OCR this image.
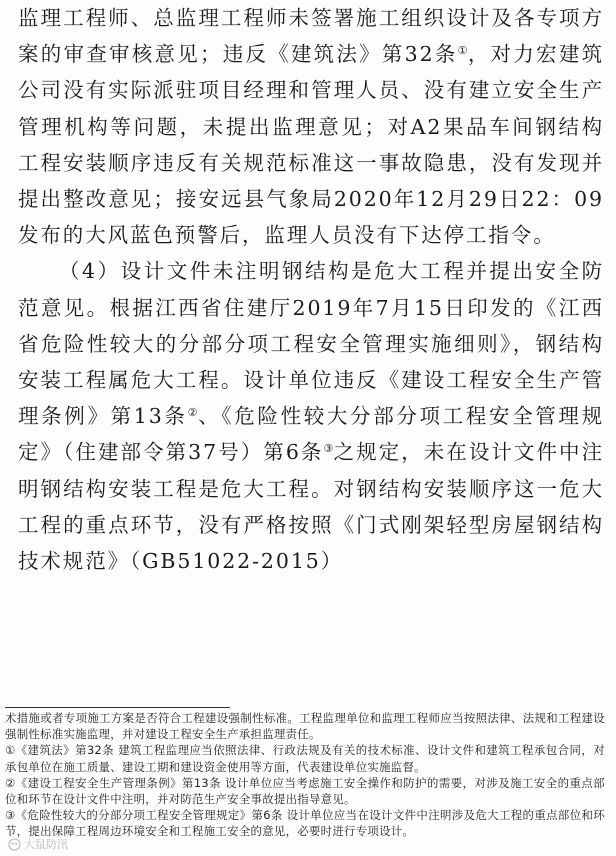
监理工程师、总监理工程师未签署施工组织设计及各专项方案的审查审核意见；违反《建筑法》第32条①，对力宏建筑公司没有实际派驻项目经理和管理人员、没有建立安全生产管理机构等问题，未提出监理意见；对A2果品车间钢结构工程安装顺序违反有关规范标准这一事故隐患，没有发现并提出整改意见；接安远县气象局2020年12月29日22：09发布的大风蓝色预警后，监理人员没有下达停工指令。

（4）设计文件未注明钢结构是危大工程并提出安全防范意见。根据江西省住建厅2019年7月15日印发的《江西省危险性较大的分部分项工程安全管理实施细则》，钢结构安装工程属危大工程。设计单位违反《建设工程安全生产管理条例》第13条②、《危险性较大分部分项工程安全管理规定》（住建部令第37号）第6条③之规定，未在设计文件中注明钢结构安装工程是危大工程。对钢结构安装顺序这一危大工程的重点环节，没有严格按照《门式刚架轻型房屋钢结构技术规范》（GB51022-2015）

术措施或者专项施工方案是否符合工程建设强制性标准。工程监理单位和监理工程师应当按照法律、法规和工程建设强制性标准实施监理，并对建设工程安全生产承担监理责任。

①《建筑法》第32条 建筑工程监理应当依照法律、行政法规及有关的技术标准、设计文件和建筑工程承包合同，对承包单位在施工质量、建设工期和建设资金使用等方面，代表建设单位实施监督。

②《建设工程安全生产管理条例》第13条 设计单位应当考虑施工安全操作和防护的需要，对涉及施工安全的重点部位和环节在设计文件中注明，并对防范生产安全事故提出指导意见。

③《危险性较大的分部分项工程安全管理规定》第6条 设计单位应当在设计文件中注明涉及危大工程的重点部位和环节，提出保障工程周边环境安全和工程施工安全的意见，必要时进行专项设计。

大鼠防汛
